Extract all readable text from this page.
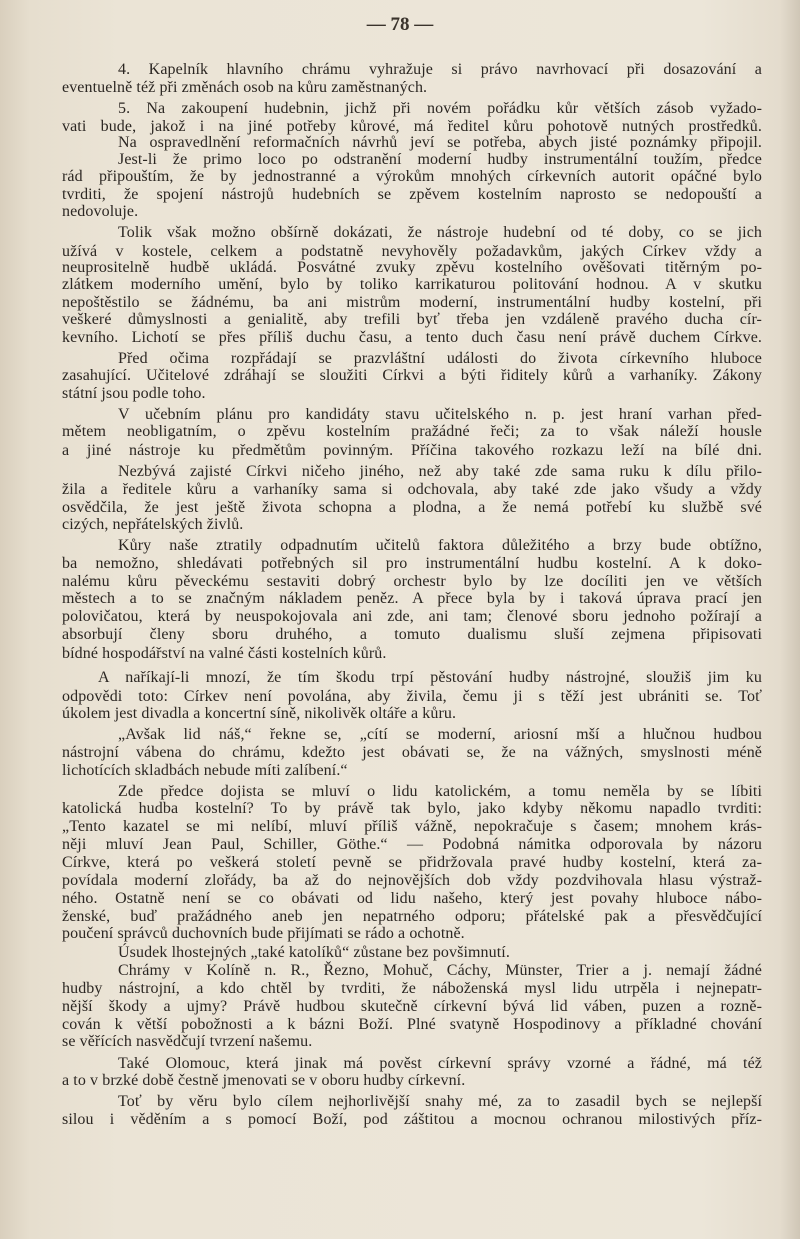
— 78 —
4. Kapelník hlavního chrámu vyhražuje si právo navrhovací při dosazování a
eventuelně též při změnách osob na kůru zaměstnaných.
5. Na zakoupení hudebnin, jichž při novém pořádku kůr větších zásob vyžado-
vati bude, jakož i na jiné potřeby kůrové, má ředitel kůru pohotově nutných prostředků.
Na ospravedlnění reformačních návrhů jeví se potřeba, abych jisté poznámky připojil.
Jest-li že primo loco po odstranění moderní hudby instrumentální toužím, předce
rád připouštím, že by jednostranné a výrokům mnohých církevních autorit opáčné bylo
tvrditi, že spojení nástrojů hudebních se zpěvem kostelním naprosto se nedopouští a
nedovoluje.
Tolik však možno obšírně dokázati, že nástroje hudební od té doby, co se jich
užívá v kostele, celkem a podstatně nevyhověly požadavkům, jakých Církev vždy a
neuprositelně hudbě ukládá. Posvátné zvuky zpěvu kostelního ověšovati titěrným po-
zlátkem moderního umění, bylo by toliko karrikaturou politování hodnou. A v skutku
nepoštěstilo se žádnému, ba ani mistrům moderní, instrumentální hudby kostelní, při
veškeré důmyslnosti a genialitě, aby trefili byť třeba jen vzdáleně pravého ducha cír-
kevního. Lichotí se přes příliš duchu času, a tento duch času není právě duchem Církve.
Před očima rozpřádají se prazvláštní události do života církevního hluboce
zasahující. Učitelové zdráhají se sloužiti Církvi a býti řiditely kůrů a varhaníky. Zákony
státní jsou podle toho.
V učebním plánu pro kandidáty stavu učitelského n. p. jest hraní varhan před-
mětem neobligatním, o zpěvu kostelním pražádné řeči; za to však náleží housle
a jiné nástroje ku předmětům povinným. Příčina takového rozkazu leží na bílé dni.
Nezbývá zajisté Církvi ničeho jiného, než aby také zde sama ruku k dílu přilo-
žila a ředitele kůru a varhaníky sama si odchovala, aby také zde jako všudy a vždy
osvědčila, že jest ještě života schopna a plodna, a že nemá potřebí ku službě své
cizých, nepřátelských živlů.
Kůry naše ztratily odpadnutím učitelů faktora důležitého a brzy bude obtížno,
ba nemožno, shledávati potřebných sil pro instrumentální hudbu kostelní. A k doko-
nalému kůru pěveckému sestaviti dobrý orchestr bylo by lze docíliti jen ve větších
městech a to se značným nákladem peněz. A přece byla by i taková úprava prací jen
polovičatou, která by neuspokojovala ani zde, ani tam; členové sboru jednoho požírají a
absorbují členy sboru druhého, a tomuto dualismu sluší zejmena připisovati
bídné hospodářství na valné části kostelních kůrů.
A naříkají-li mnozí, že tím škodu trpí pěstování hudby nástrojné, sloužiš jim ku
odpovědi toto: Církev není povolána, aby živila, čemu ji s těží jest ubrániti se. Toť
úkolem jest divadla a koncertní síně, nikolivěk oltáře a kůru.
„Avšak lid náš,“ řekne se, „cítí se moderní, ariosní mší a hlučnou hudbou
nástrojní vábena do chrámu, kdežto jest obávati se, že na vážných, smyslnosti méně
lichotících skladbách nebude míti zalíbení.“
Zde předce dojista se mluví o lidu katolickém, a tomu neměla by se líbiti
katolická hudba kostelní? To by právě tak bylo, jako kdyby někomu napadlo tvrditi:
„Tento kazatel se mi nelíbí, mluví příliš vážně, nepokračuje s časem; mnohem krás-
něji mluví Jean Paul, Schiller, Göthe.“ — Podobná námitka odporovala by názoru
Církve, která po veškerá století pevně se přidržovala pravé hudby kostelní, která za-
povídala moderní zlořády, ba až do nejnovějších dob vždy pozdvihovala hlasu výstraž-
ného. Ostatně není se co obávati od lidu našeho, který jest povahy hluboce nábo-
ženské, buď pražádného aneb jen nepatrného odporu; přátelské pak a přesvědčující
poučení správců duchovních bude přijímati se rádo a ochotně.
Úsudek lhostejných „také katolíků“ zůstane bez povšimnutí.
Chrámy v Kolíně n. R., Řezno, Mohuč, Cáchy, Münster, Trier a j. nemají žádné
hudby nástrojní, a kdo chtěl by tvrditi, že náboženská mysl lidu utrpěla i nejnepatr-
nější škody a ujmy? Právě hudbou skutečně církevní bývá lid váben, puzen a rozně-
cován k větší pobožnosti a k bázni Boží. Plné svatyně Hospodinovy a příkladné chování
se věřících nasvědčují tvrzení našemu.
Také Olomouc, která jinak má pověst církevní správy vzorné a řádné, má též
a to v brzké době čestně jmenovati se v oboru hudby církevní.
Toť by věru bylo cílem nejhorlivější snahy mé, za to zasadil bych se nejlepší
silou i věděním a s pomocí Boží, pod záštitou a mocnou ochranou milostivých příz-
